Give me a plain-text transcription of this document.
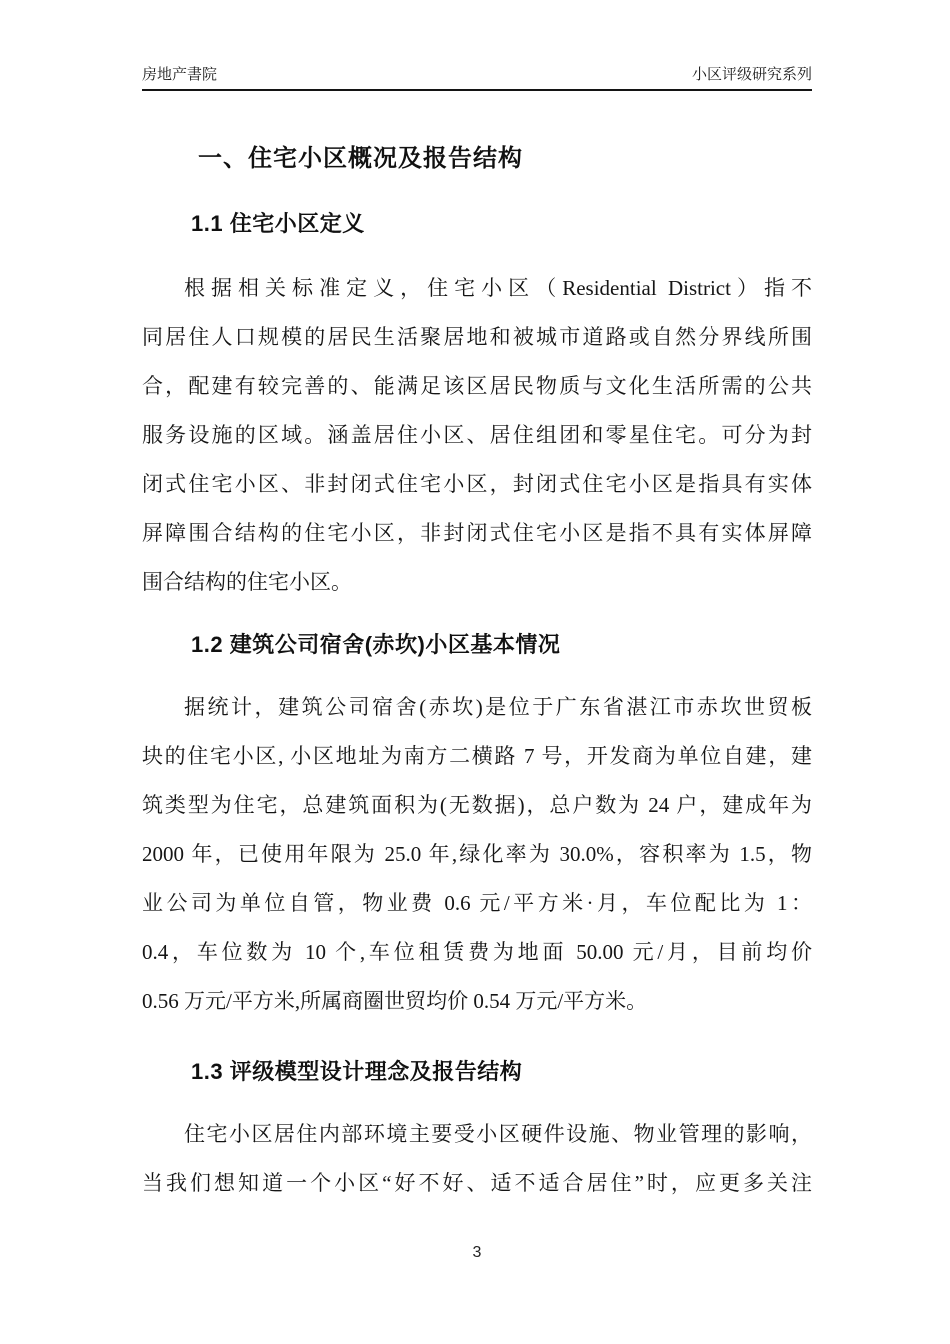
房地产書院	小区评级研究系列
一、住宅小区概况及报告结构
1.1 住宅小区定义
根据相关标准定义，住宅小区（Residential District）指不
同居住人口规模的居民生活聚居地和被城市道路或自然分界线所围
合，配建有较完善的、能满足该区居民物质与文化生活所需的公共
服务设施的区域。涵盖居住小区、居住组团和零星住宅。可分为封
闭式住宅小区、非封闭式住宅小区，封闭式住宅小区是指具有实体
屏障围合结构的住宅小区，非封闭式住宅小区是指不具有实体屏障
围合结构的住宅小区。
1.2 建筑公司宿舍(赤坎)小区基本情况
据统计，建筑公司宿舍(赤坎)是位于广东省湛江市赤坎世贸板
块的住宅小区, 小区地址为南方二横路 7 号，开发商为单位自建，建
筑类型为住宅，总建筑面积为(无数据)，总户数为 24 户，建成年为
2000 年，已使用年限为 25.0 年,绿化率为 30.0%，容积率为 1.5，物
业公司为单位自管，物业费 0.6 元/平方米·月，车位配比为 1：
0.4，车位数为 10 个,车位租赁费为地面 50.00 元/月，目前均价
0.56 万元/平方米,所属商圈世贸均价 0.54 万元/平方米。
1.3 评级模型设计理念及报告结构
住宅小区居住内部环境主要受小区硬件设施、物业管理的影响，
当我们想知道一个小区“好不好、适不适合居住”时，应更多关注
3
